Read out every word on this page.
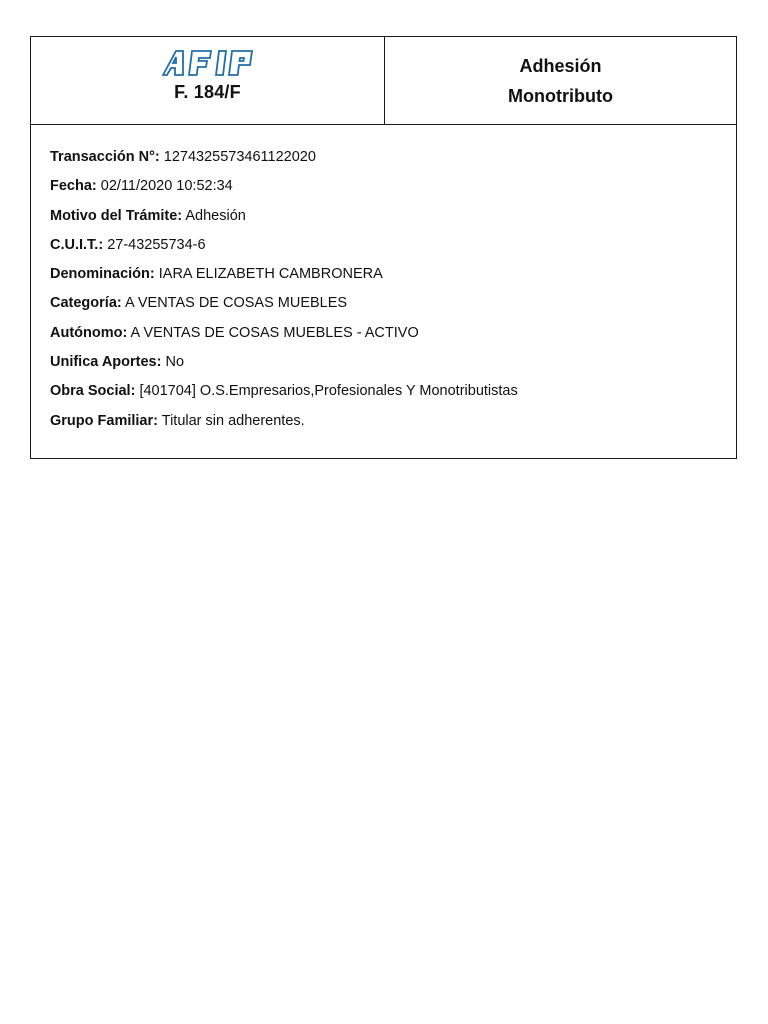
F. 184/F
Adhesión
Monotributo
Transacción N°: 1274325573461122020
Fecha: 02/11/2020 10:52:34
Motivo del Trámite: Adhesión
C.U.I.T.: 27-43255734-6
Denominación: IARA ELIZABETH CAMBRONERA
Categoría: A VENTAS DE COSAS MUEBLES
Autónomo: A VENTAS DE COSAS MUEBLES - ACTIVO
Unifica Aportes: No
Obra Social: [401704] O.S.Empresarios,Profesionales Y Monotributistas
Grupo Familiar: Titular sin adherentes.
